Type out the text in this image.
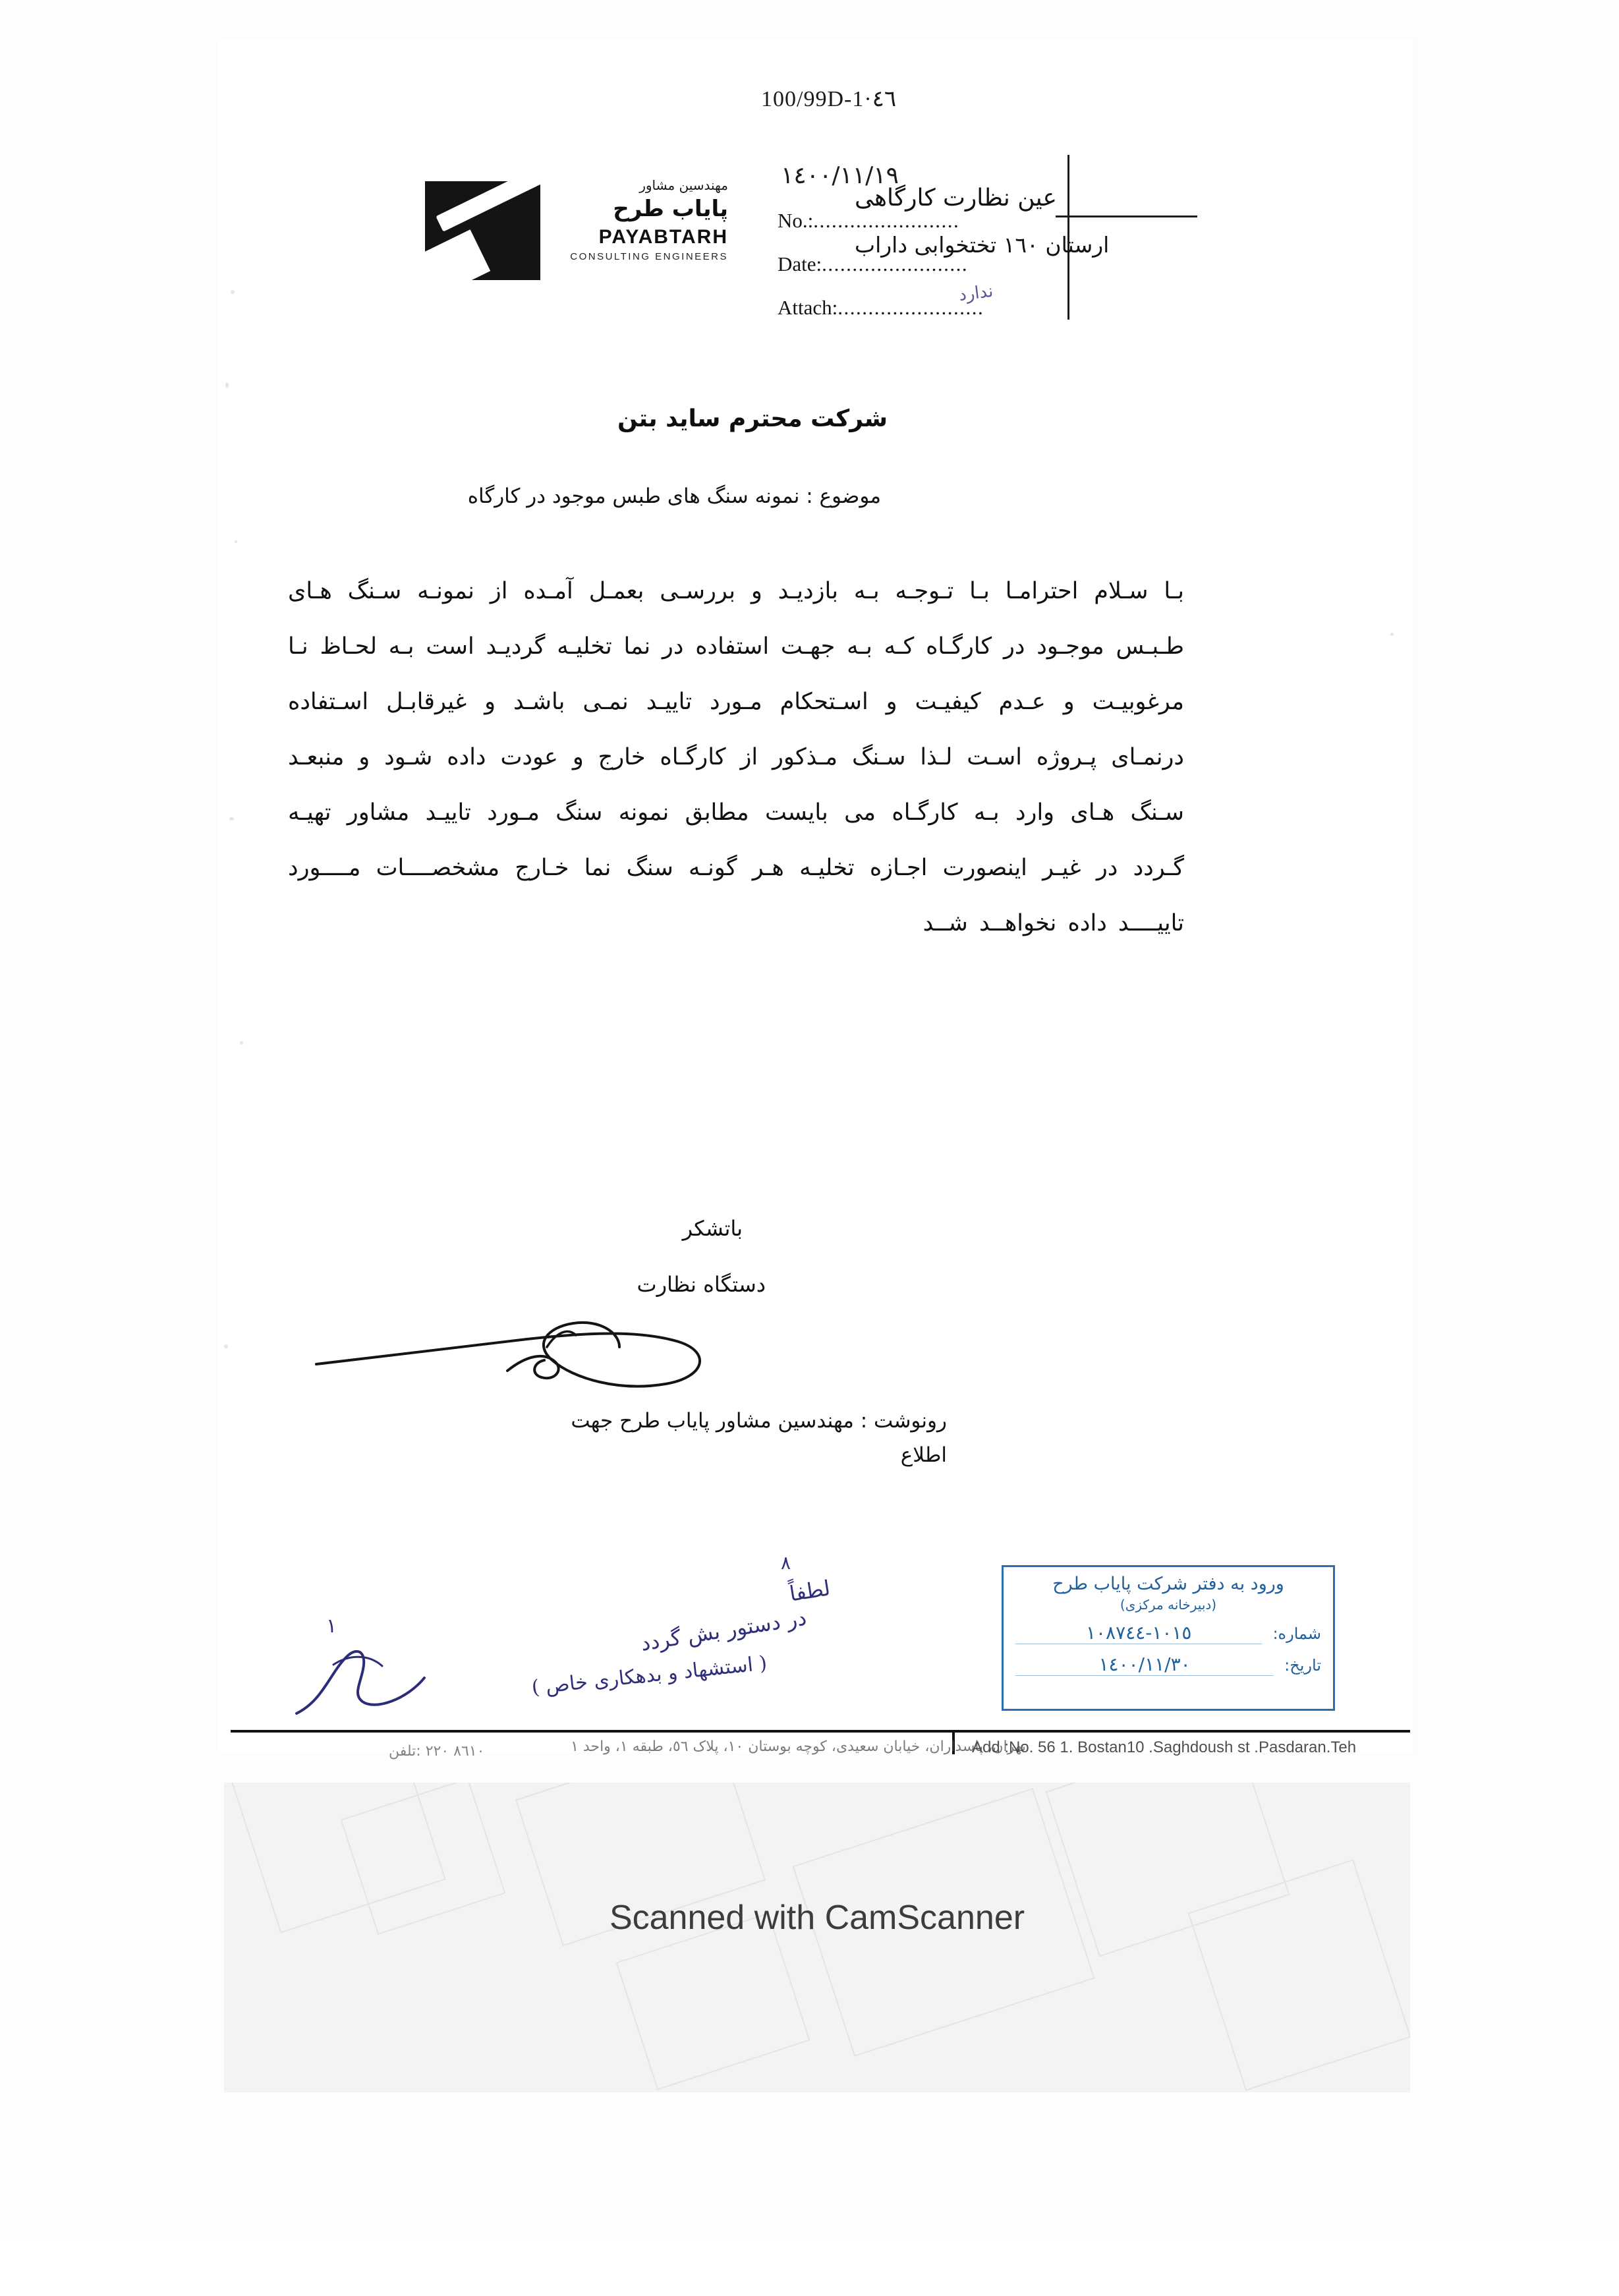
100/99D-1·٤٦
مهندسین مشاور
پایاب طرح
PAYABTARH
CONSULTING ENGINEERS
No.:........................
Date:........................
Attach:........................
١٤٠٠/١١/١٩
ندارد
عین نظارت کارگاهی
ارستان ١٦٠ تختخوابی داراب
شرکت محترم ساید بتن
موضوع : نمونه سنگ های طبس موجود در کارگاه

بـا سـلام احترامـا بـا تـوجـه بـه بازدیـد و بررسـی بعمـل آمـده از نمونـه سـنگ هـای طـبـس موجـود در کارگـاه کـه بـه جهـت استفاده در نما تخلیـه گردیـد است بـه لحـاظ نـا مرغوبیـت و عـدم کیفیـت و اسـتحکام مـورد تاییـد نمـی باشـد و غیرقابـل اسـتفاده درنمـای پـروژه اسـت لـذا سـنگ مـذکور از کارگـاه خارج و عودت داده شـود و منبعـد سـنگ هـای وارد بـه کارگـاه می بایست مطابق نمونه سنگ مـورد تاییـد مشاور تهیـه گـردد در غیـر اینصورت اجـازه تخلیـه هـر گونـه سنگ نما خـارج مشخصــــات مــــورد تاییــــد داده نخواهــد شــد

باتشکر
دستگاه نظارت
رونوشت : مهندسین مشاور پایاب طرح جهت
اطلاع
٨
لطفاً
در دستور بش گردد
( استشهاد و بدهکاری خاص )
١
ورود به دفتر شرکت پایاب طرح
(دبیرخانه مرکزی)
شماره:
١٠١٥-١٠٨٧٤٤
تاریخ:
١٤٠٠/١١/٣٠
تهران، پاسداران، خیابان سعیدی، کوچه بوستان ١٠، پلاک ٥٦، طبقه ١، واحد ١
Add :No. 56 1. Bostan10 .Saghdoush st .Pasdaran.Teh
٨٦١٠ ٢٢٠ :تلفن
Scanned with CamScanner
